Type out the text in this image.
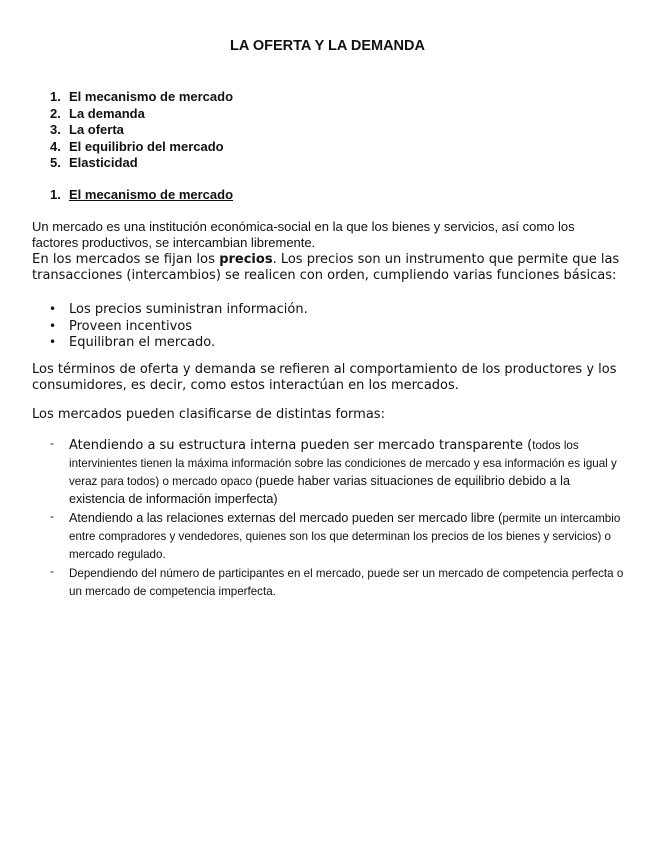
LA OFERTA Y LA DEMANDA
1. El mecanismo de mercado
2. La demanda
3. La oferta
4. El equilibrio del mercado
5. Elasticidad
1. El mecanismo de mercado
Un mercado es una institución económica-social en la que los bienes y servicios, así como los factores productivos, se intercambian libremente.
En los mercados se fijan los precios. Los precios son un instrumento que permite que las transacciones (intercambios) se realicen con orden, cumpliendo varias funciones básicas:
• Los precios suministran información.
• Proveen incentivos
• Equilibran el mercado.
Los términos de oferta y demanda se refieren al comportamiento de los productores y los consumidores, es decir, como estos interactúan en los mercados.
Los mercados pueden clasificarse de distintas formas:
- Atendiendo a su estructura interna pueden ser mercado transparente (todos los intervinientes tienen la máxima información sobre las condiciones de mercado y esa información es igual y veraz para todos) o mercado opaco (puede haber varias situaciones de equilibrio debido a la existencia de información imperfecta)
- Atendiendo a las relaciones externas del mercado pueden ser mercado libre (permite un intercambio entre compradores y vendedores, quienes son los que determinan los precios de los bienes y servicios) o mercado regulado.
- Dependiendo del número de participantes en el mercado, puede ser un mercado de competencia perfecta o un mercado de competencia imperfecta.
